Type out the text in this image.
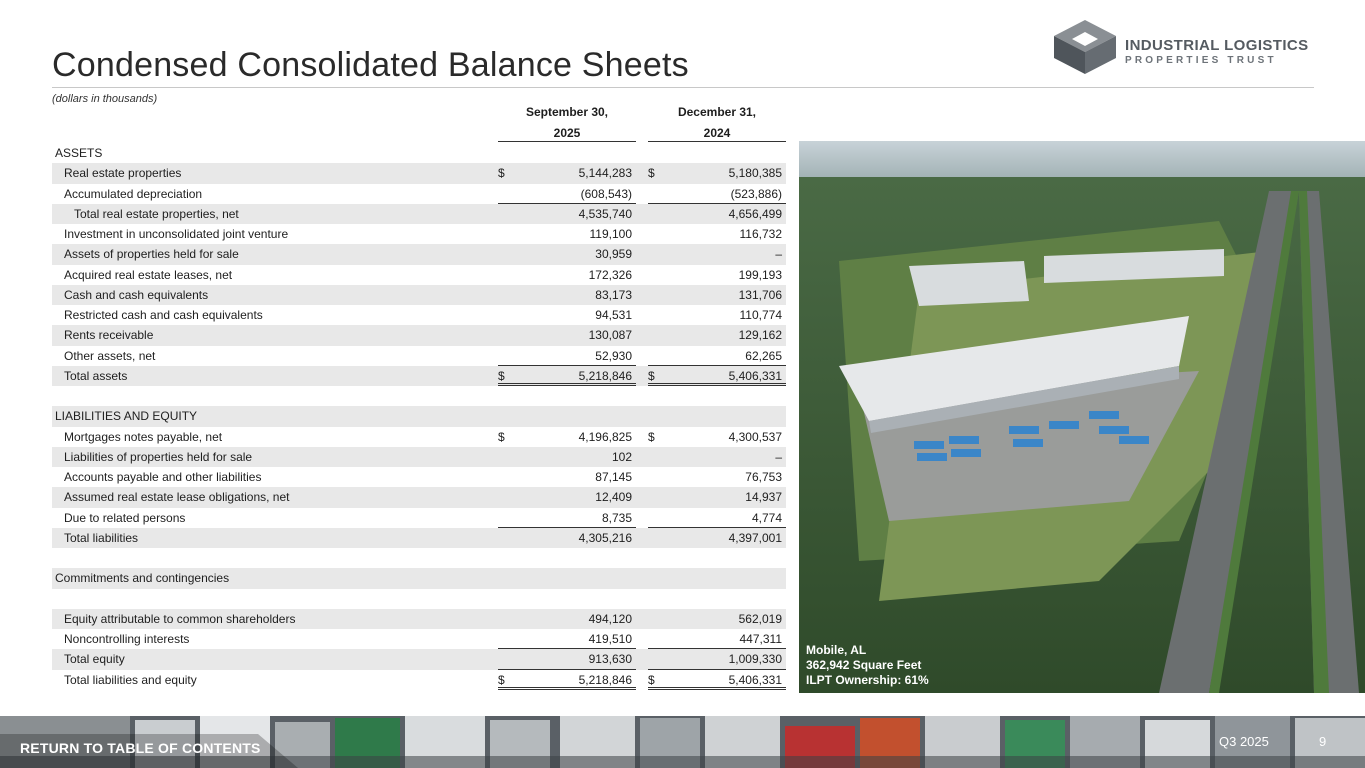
Condensed Consolidated Balance Sheets
(dollars in thousands)
INDUSTRIAL LOGISTICS
PROPERTIES TRUST
September 30,
2025
December 31,
2024
ASSETS
Real estate properties	$	5,144,283 $	5,180,385
Accumulated depreciation	(608,543)	(523,886)
Total real estate properties, net	4,535,740	4,656,499
Investment in unconsolidated joint venture	119,100	116,732
Assets of properties held for sale	30,959	–
Acquired real estate leases, net	172,326	199,193
Cash and cash equivalents	83,173	131,706
Restricted cash and cash equivalents	94,531	110,774
Rents receivable	130,087	129,162
Other assets, net	52,930	62,265
Total assets	$	5,218,846 $	5,406,331
LIABILITIES AND EQUITY
Mortgages notes payable, net	$	4,196,825 $	4,300,537
Liabilities of properties held for sale	102	–
Accounts payable and other liabilities	87,145	76,753
Assumed real estate lease obligations, net	12,409	14,937
Due to related persons	8,735	4,774
Total liabilities	4,305,216	4,397,001
Commitments and contingencies
Equity attributable to common shareholders	494,120	562,019
Noncontrolling interests	419,510	447,311
Total equity	913,630	1,009,330
Total liabilities and equity	$	5,218,846 $	5,406,331
Mobile, AL
362,942 Square Feet
ILPT Ownership: 61%
RETURN TO TABLE OF CONTENTS	Q3 2025	9
